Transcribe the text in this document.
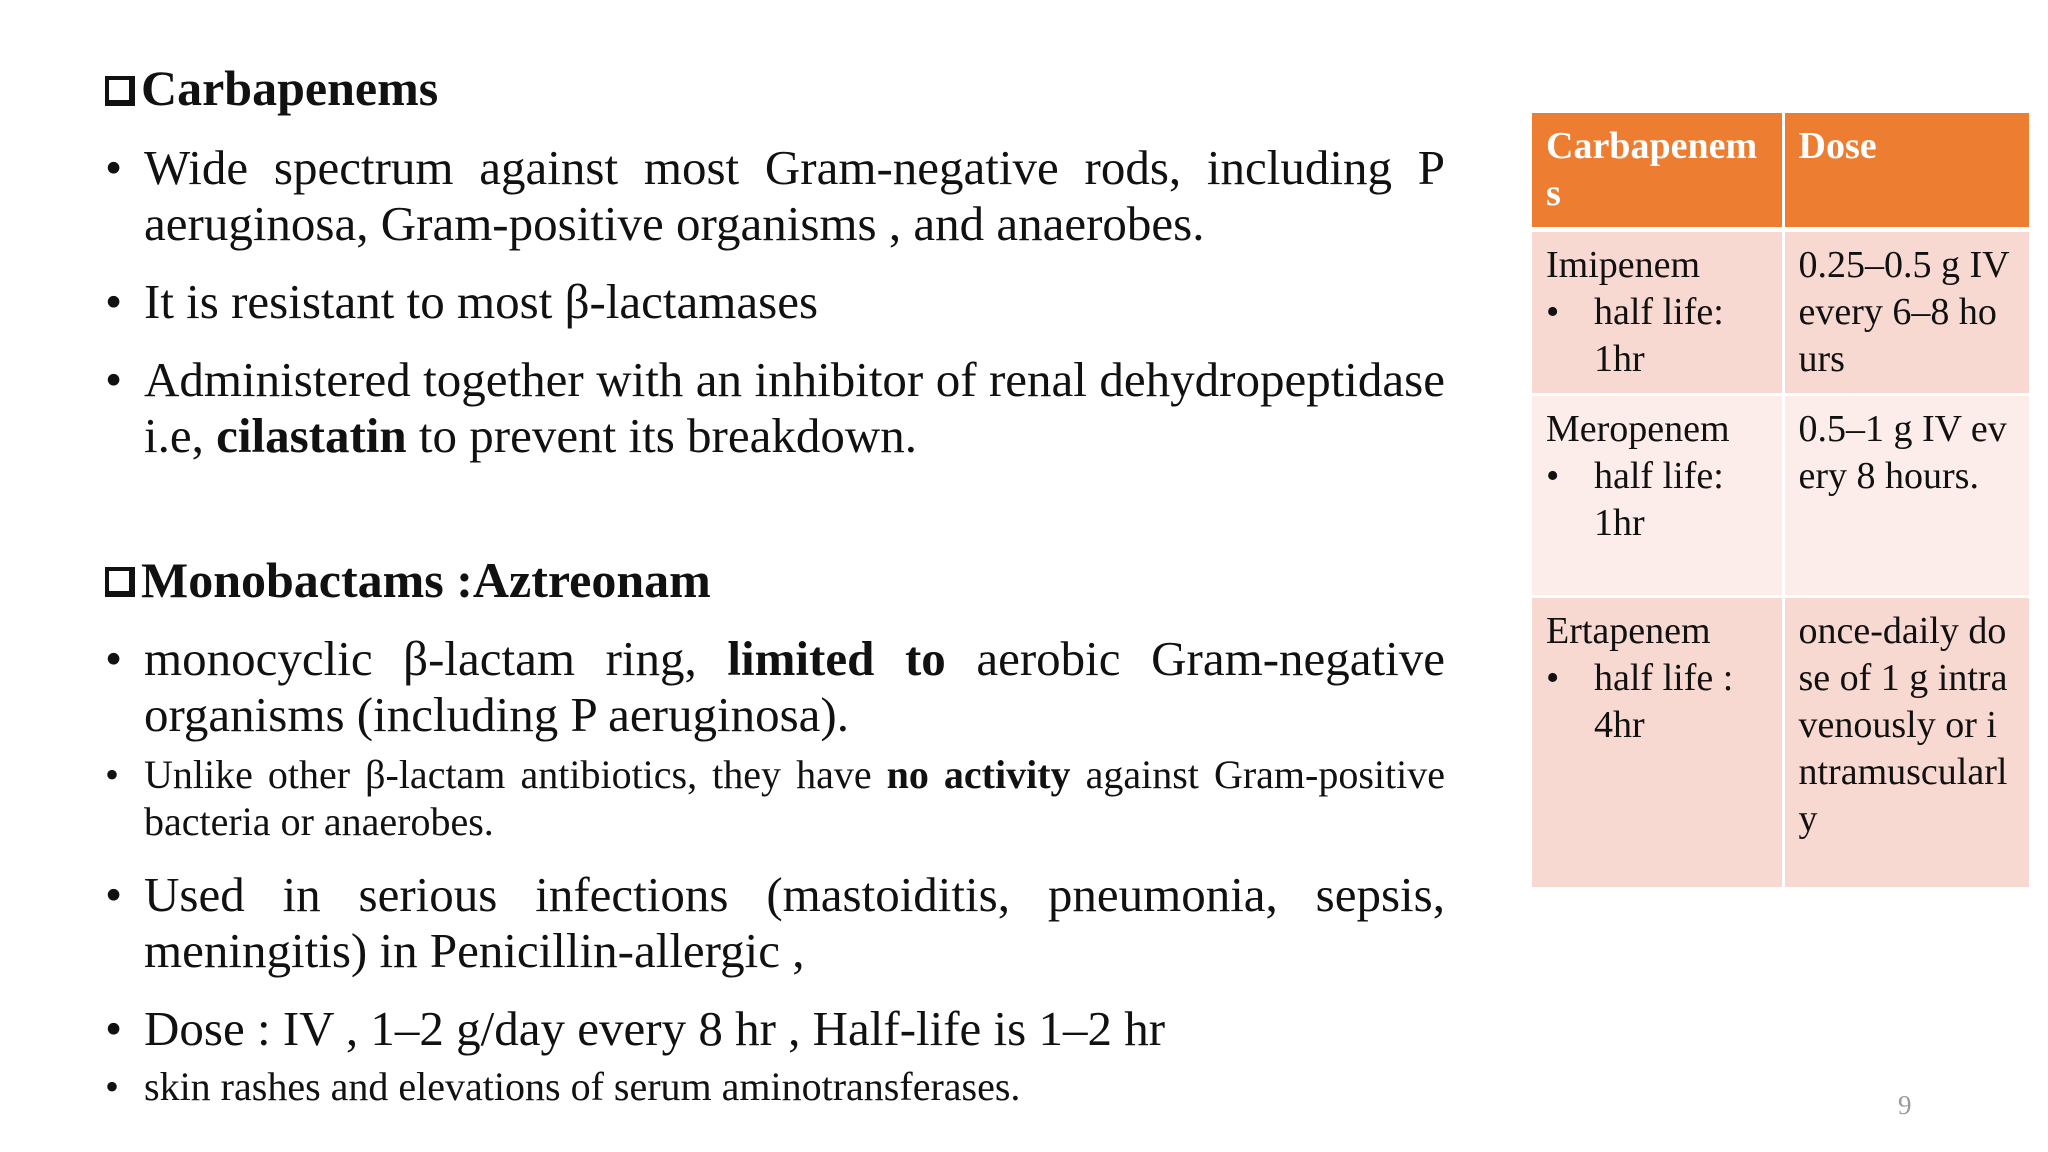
Carbapenems
• Wide spectrum against most Gram-negative rods, including P aeruginosa, Gram-positive organisms , and anaerobes.
• It is resistant to most β-lactamases
• Administered together with an inhibitor of renal dehydropeptidase i.e, cilastatin to prevent its breakdown.
Monobactams :Aztreonam
• monocyclic β-lactam ring, limited to aerobic Gram-negative organisms (including P aeruginosa).
• Unlike other β-lactam antibiotics, they have no activity against Gram-positive bacteria or anaerobes.
• Used in serious infections (mastoiditis, pneumonia, sepsis, meningitis) in Penicillin-allergic ,
• Dose : IV , 1–2 g/day every 8 hr , Half-life is 1–2 hr
• skin rashes and elevations of serum aminotransferases.
Carbapenems	Dose

Imipenem
• half life: 1hr	0.25–0.5 g IV every 6–8 hours

Meropenem
• half life: 1hr	0.5–1 g IV every 8 hours.

Ertapenem
• half life : 4hr	once-daily dose of 1 g intravenously or intramuscularly
9
